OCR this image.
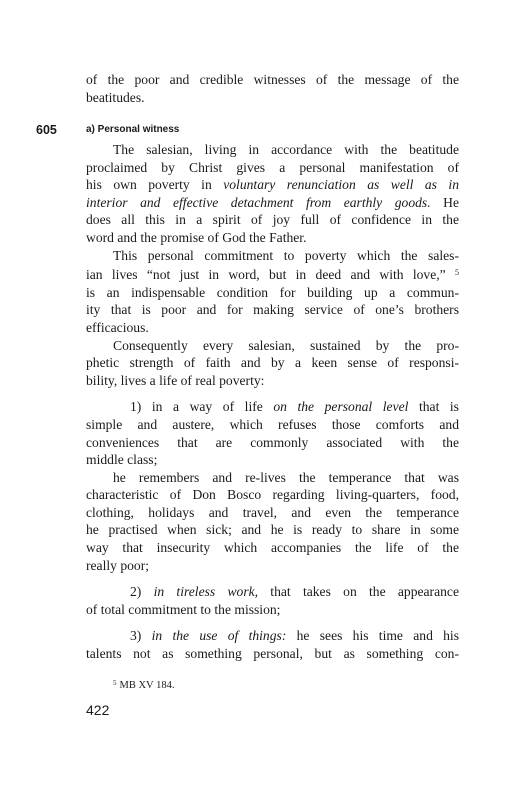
of the poor and credible witnesses of the message of the

beatitudes.

605	a) Personal witness

The salesian, living in accordance with the beatitude

proclaimed by Christ gives a personal manifestation of

his own poverty in voluntary renunciation as well as in

interior and effective detachment from earthly goods. He

does all this in a spirit of joy full of confidence in the

word and the promise of God the Father.

This personal commitment to poverty which the sales-

ian lives “not just in word, but in deed and with love,” $^5$

is an indispensable condition for building up a commun-

ity that is poor and for making service of one’s brothers

efficacious.

Consequently every salesian, sustained by the pro-

phetic strength of faith and by a keen sense of responsi-

bility, lives a life of real poverty:

1) in a way of life on the personal level that is

simple and austere, which refuses those comforts and

conveniences that are commonly associated with the

middle class;

he remembers and re-lives the temperance that was

characteristic of Don Bosco regarding living-quarters, food,

clothing, holidays and travel, and even the temperance

he practised when sick; and he is ready to share in some

way that insecurity which accompanies the life of the

really poor;

2) in tireless work, that takes on the appearance

of total commitment to the mission;

3) in the use of things: he sees his time and his

talents not as something personal, but as something con-

$^5$ MB XV 184.
422
